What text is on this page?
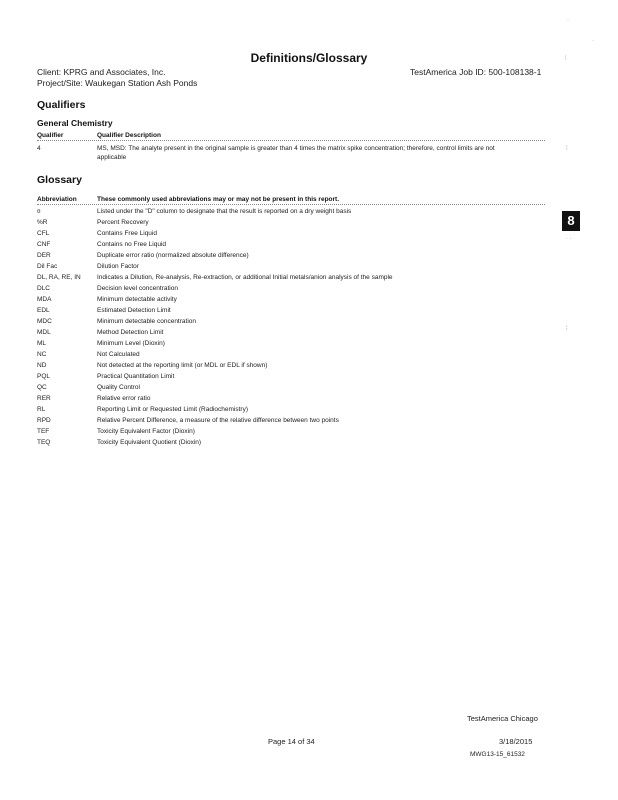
Definitions/Glossary
Client: KPRG and Associates, Inc.	TestAmerica Job ID: 500-108138-1
Project/Site: Waukegan Station Ash Ponds
Qualifiers
General Chemistry
Qualifier	Qualifier Description
4	MS, MSD: The analyte present in the original sample is greater than 4 times the matrix spike concentration; therefore, control limits are not
applicable
Glossary
Abbreviation	These commonly used abbreviations may or may not be present in this report.
¤	Listed under the "D" column to designate that the result is reported on a dry weight basis
%R	Percent Recovery
CFL	Contains Free Liquid
CNF	Contains no Free Liquid
DER	Duplicate error ratio (normalized absolute difference)
Dil Fac	Dilution Factor
DL, RA, RE, IN	Indicates a Dilution, Re-analysis, Re-extraction, or additional Initial metals/anion analysis of the sample
DLC	Decision level concentration
MDA	Minimum detectable activity
EDL	Estimated Detection Limit
MDC	Minimum detectable concentration
MDL	Method Detection Limit
ML	Minimum Level (Dioxin)
NC	Not Calculated
ND	Not detected at the reporting limit (or MDL or EDL if shown)
PQL	Practical Quantitation Limit
QC	Quality Control
RER	Relative error ratio
RL	Reporting Limit or Requested Limit (Radiochemistry)
RPD	Relative Percent Difference, a measure of the relative difference between two points
TEF	Toxicity Equivalent Factor (Dioxin)
TEQ	Toxicity Equivalent Quotient (Dioxin)
8
TestAmerica Chicago
Page 14 of 34	3/18/2015
MWG13-15_61532
·
·
⁞
⁞
· ·
⁞
